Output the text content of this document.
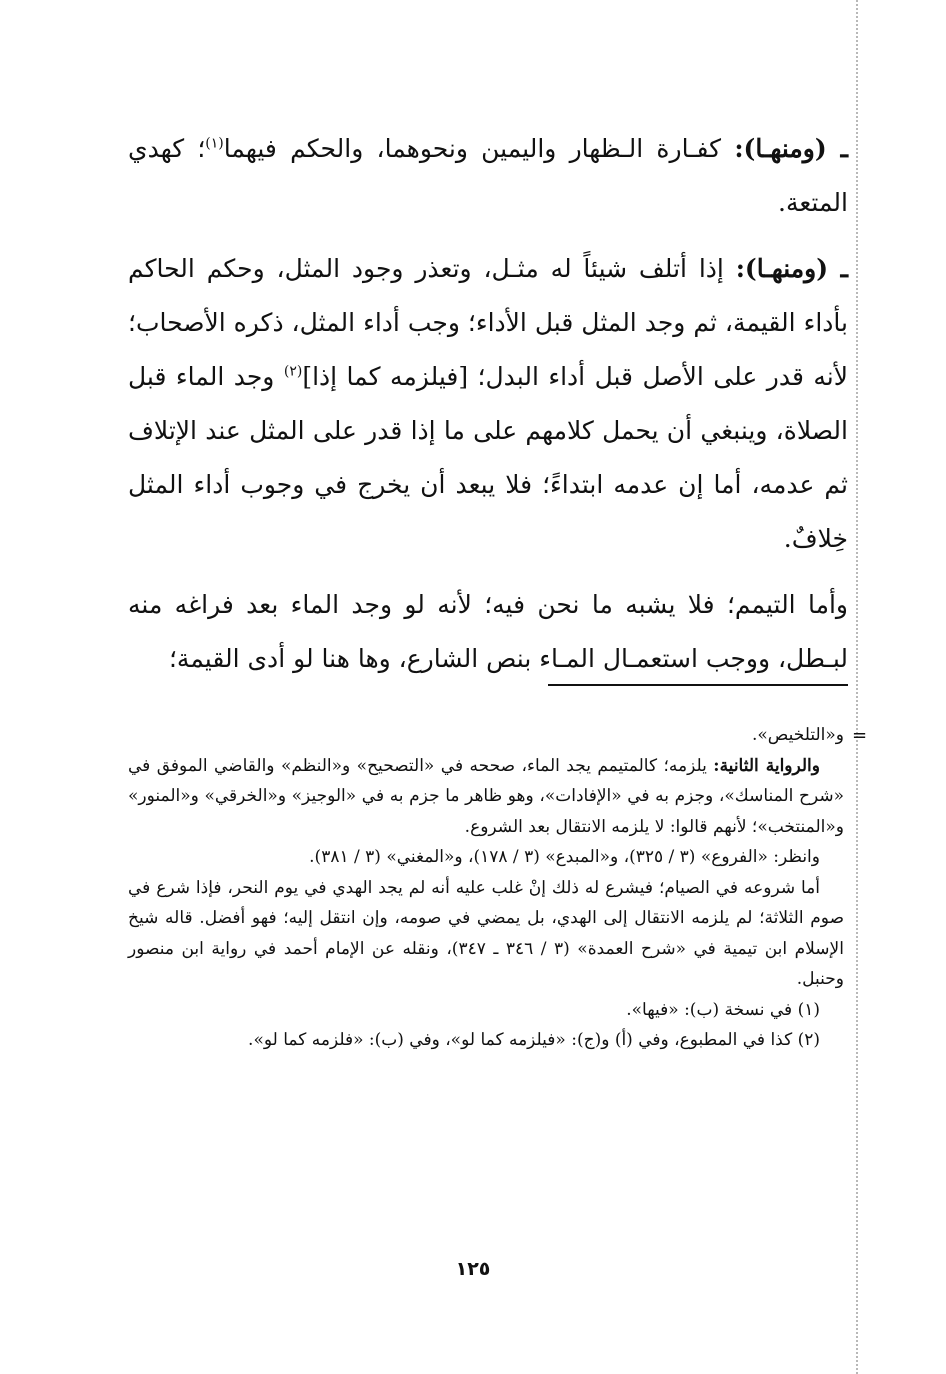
ـ (ومنهـا): كفـارة الـظهار واليمين ونحوهما، والحكم فيهما$^{(١)}$؛ كهدي المتعة.

ـ (ومنهـا): إذا أتلف شيئاً له مثـل، وتعذر وجود المثل، وحكم الحاكم بأداء القيمة، ثم وجد المثل قبل الأداء؛ وجب أداء المثل، ذكره الأصحاب؛ لأنه قدر على الأصل قبل أداء البدل؛ [فيلزمه كما إذا]$^{(٢)}$ وجد الماء قبل الصلاة، وينبغي أن يحمل كلامهم على ما إذا قدر على المثل عند الإتلاف ثم عدمه، أما إن عدمه ابتداءً؛ فلا يبعد أن يخرج في وجوب أداء المثل خِلافٌ.

وأما التيمم؛ فلا يشبه ما نحن فيه؛ لأنه لو وجد الماء بعد فراغه منه لبـطل، ووجب استعمـال المـاء بنص الشارع، وها هنا لو أدى القيمة؛

=

و«التلخيص».

والرواية الثانية: يلزمه؛ كالمتيمم يجد الماء، صححه في «التصحيح» و«النظم» والقاضي الموفق في «شرح المناسك»، وجزم به في «الإفادات»، وهو ظاهر ما جزم به في «الوجيز» و«الخرقي» و«المنور» و«المنتخب»؛ لأنهم قالوا: لا يلزمه الانتقال بعد الشروع.

وانظر: «الفروع» (٣ / ٣٢٥)، و«المبدع» (٣ / ١٧٨)، و«المغني» (٣ / ٣٨١).

أما شروعه في الصيام؛ فيشرع له ذلك إنْ غلب عليه أنه لم يجد الهدي في يوم النحر، فإذا شرع في صوم الثلاثة؛ لم يلزمه الانتقال إلى الهدي، بل يمضي في صومه، وإن انتقل إليه؛ فهو أفضل. قاله شيخ الإسلام ابن تيمية في «شرح العمدة» (٣ / ٣٤٦ ـ ٣٤٧)، ونقله عن الإمام أحمد في رواية ابن منصور وحنبل.

(١) في نسخة (ب): «فيها».

(٢) كذا في المطبوع، وفي (أ) و(ج): «فيلزمه كما لو»، وفي (ب): «فلزمه كما لو».

١٢٥
